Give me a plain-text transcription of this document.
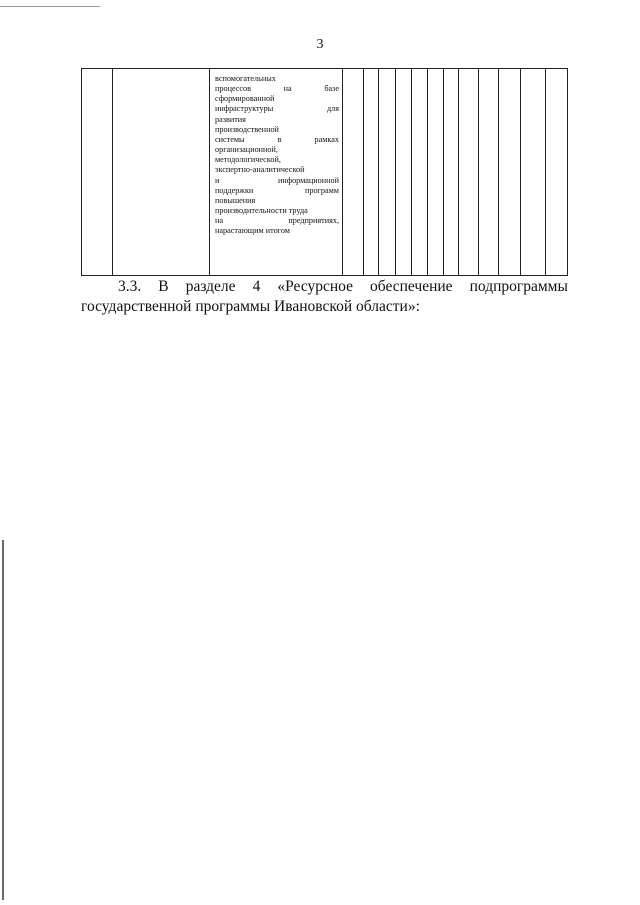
3
вспомогательных
процессов на базе
сформированной
инфраструктуры для
развития
производственной
системы в рамках
организационной,
методологической,
экспертно-аналитической
и информационной
поддержки программ
повышения
производительности труда
на предприятиях,
нарастающим итогом
3.3. В разделе 4 «Ресурсное обеспечение подпрограммы
государственной программы Ивановской области»:
